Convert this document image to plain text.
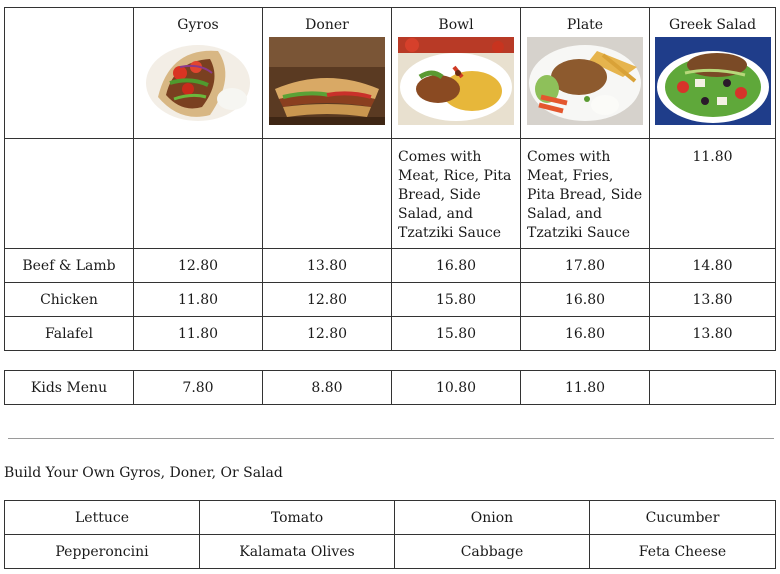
	Gyros	Doner	Bowl	Plate	Greek Salad

			Comes with Meat, Rice, Pita Bread, Side Salad, and Tzatziki Sauce	Comes with Meat, Fries, Pita Bread, Side Salad, and Tzatziki Sauce	11.80

Beef & Lamb	12.80	13.80	16.80	17.80	14.80
Chicken	11.80	12.80	15.80	16.80	13.80
Falafel	11.80	12.80	15.80	16.80	13.80
Kids Menu	7.80	8.80	10.80	11.80	
Build Your Own Gyros, Doner, Or Salad
Lettuce	Tomato	Onion	Cucumber
Pepperoncini	Kalamata Olives	Cabbage	Feta Cheese
